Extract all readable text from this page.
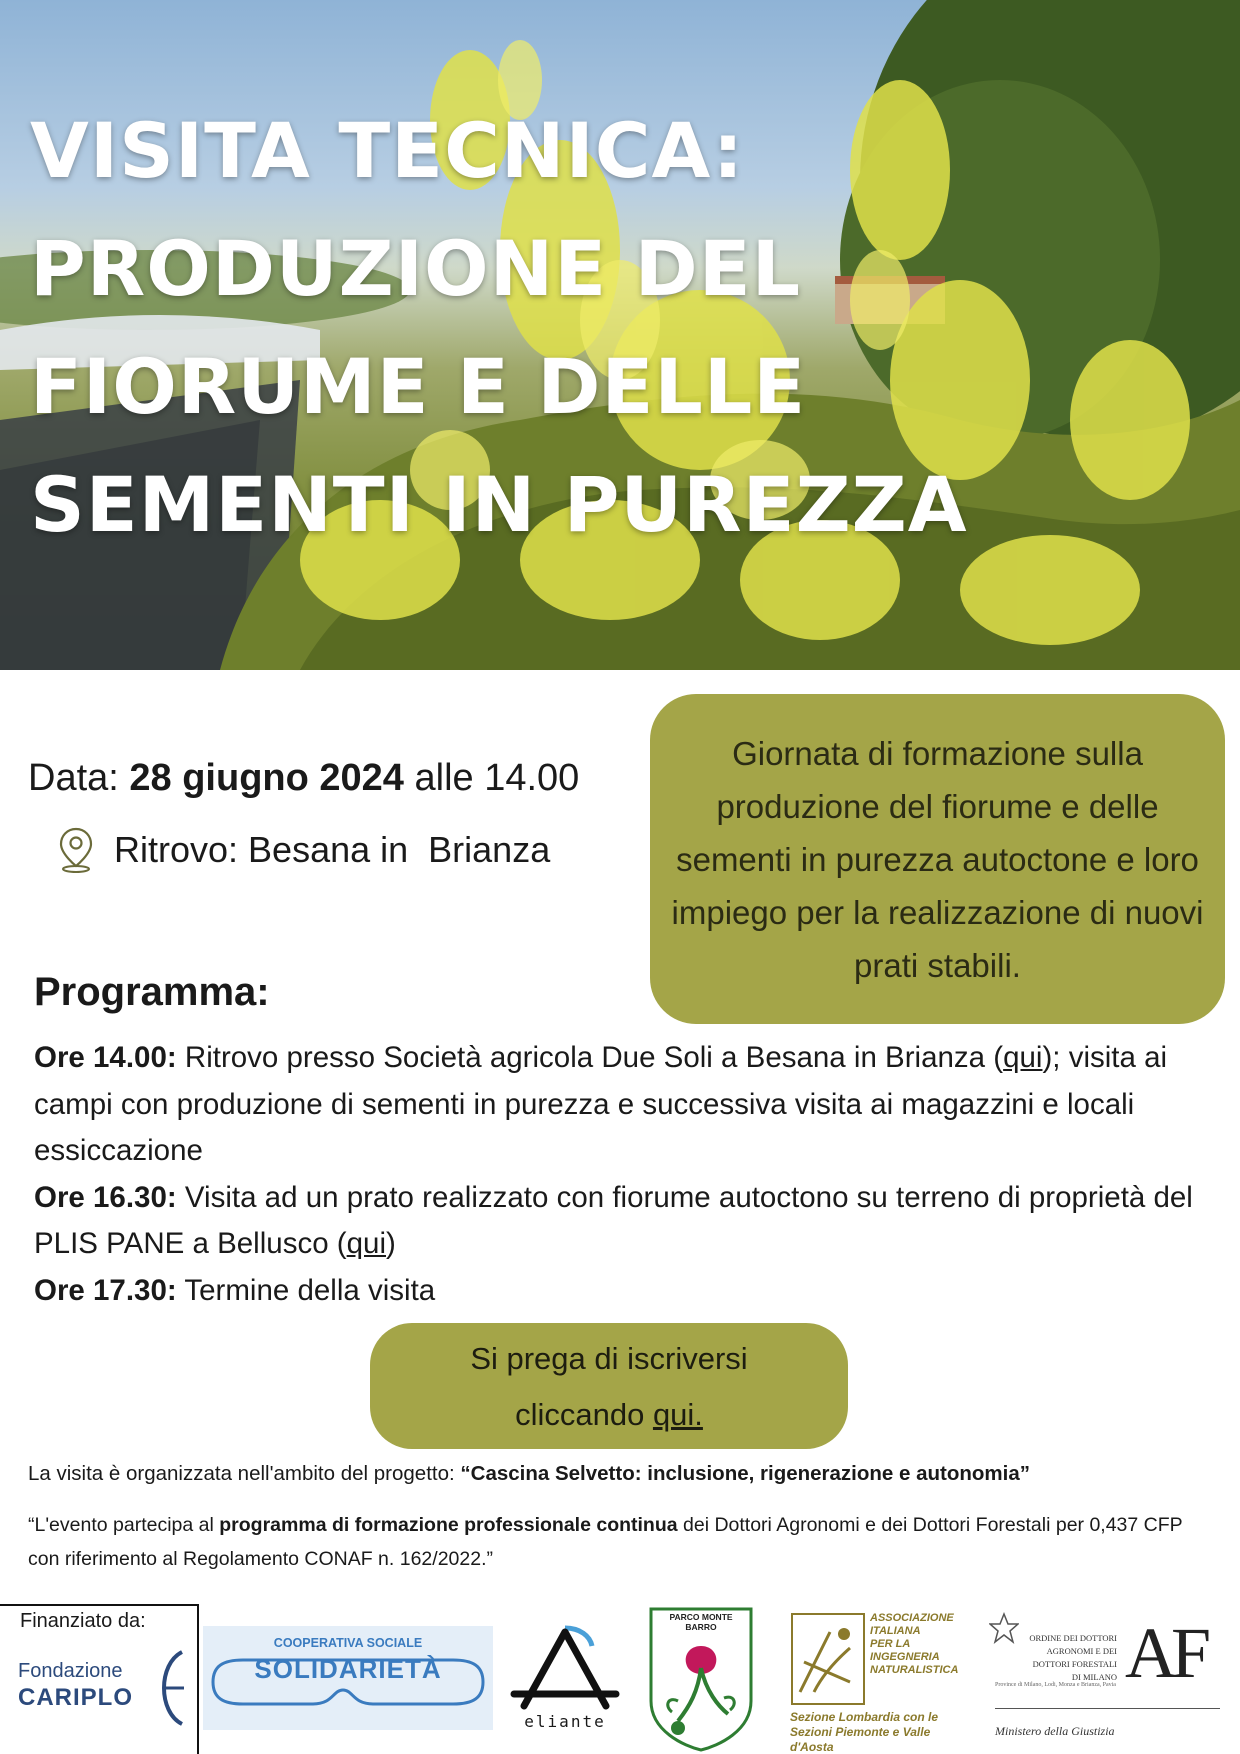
VISITA TECNICA:
PRODUZIONE DEL
FIORUME E DELLE
SEMENTI IN PUREZZA
Data: 28 giugno 2024 alle 14.00
Ritrovo: Besana in  Brianza
Giornata di formazione sulla produzione del fiorume e delle sementi in purezza autoctone e loro impiego per la realizzazione di nuovi prati stabili.
Programma:
Ore 14.00: Ritrovo presso Società agricola Due Soli a Besana in Brianza (qui); visita ai campi con produzione di sementi in purezza e successiva visita ai magazzini e locali essiccazione
Ore 16.30: Visita ad un prato realizzato con fiorume autoctono su terreno di proprietà del PLIS PANE a Bellusco (qui)
Ore 17.30: Termine della visita
Si prega di iscriversi
cliccando qui.
La visita è organizzata nell'ambito del progetto: “Cascina Selvetto: inclusione, rigenerazione e autonomia”
“L'evento partecipa al programma di formazione professionale continua dei Dottori Agronomi e dei Dottori Forestali per 0,437 CFP  con riferimento al Regolamento CONAF n. 162/2022.”
Finanziato da:
Fondazione
CARIPLO
COOPERATIVA SOCIALE
SOLIDARIETÀ
eliante
PARCO MONTE BARRO
ASSOCIAZIONE ITALIANA PER LA INGEGNERIA NATURALISTICA
Sezione Lombardia con le Sezioni Piemonte e Valle d'Aosta
ORDINE DEI DOTTORI AGRONOMI E DEI DOTTORI FORESTALI DI MILANO
Province di Milano, Lodi, Monza e Brianza, Pavia AF
Ministero della Giustizia
